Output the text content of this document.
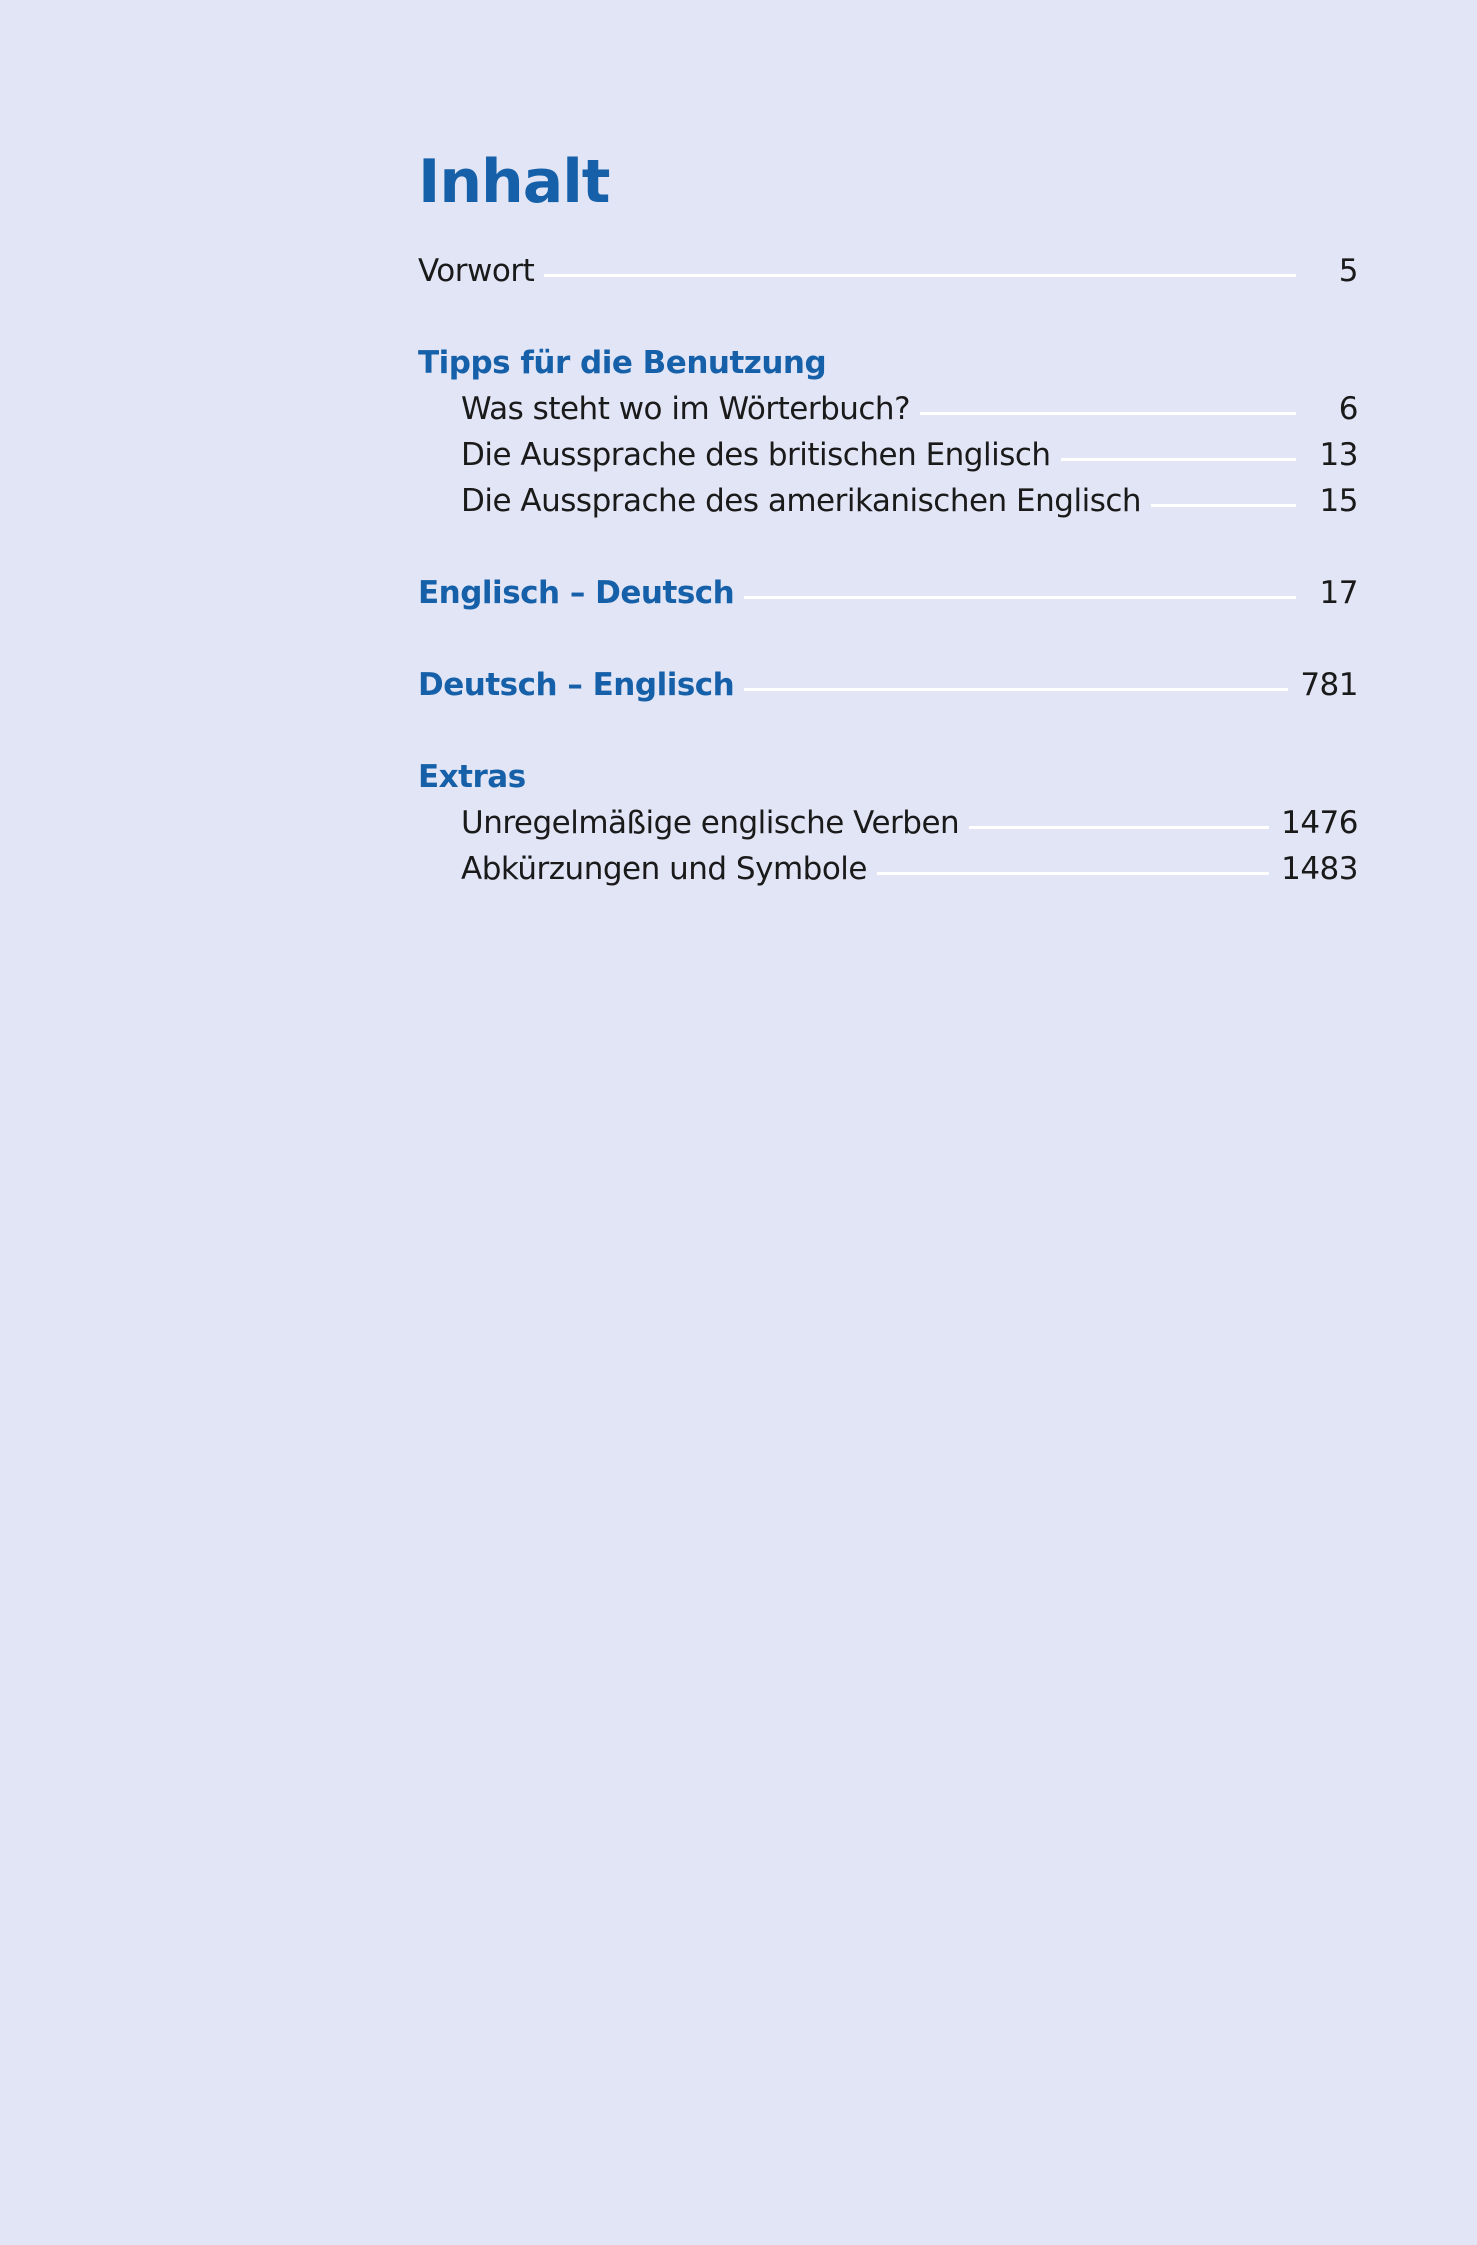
Inhalt
Vorwort	5
Tipps für die Benutzung
Was steht wo im Wörterbuch?	6
Die Aussprache des britischen Englisch	13
Die Aussprache des amerikanischen Englisch	15
Englisch – Deutsch	17
Deutsch – Englisch	781
Extras
Unregelmäßige englische Verben	1476
Abkürzungen und Symbole	1483
